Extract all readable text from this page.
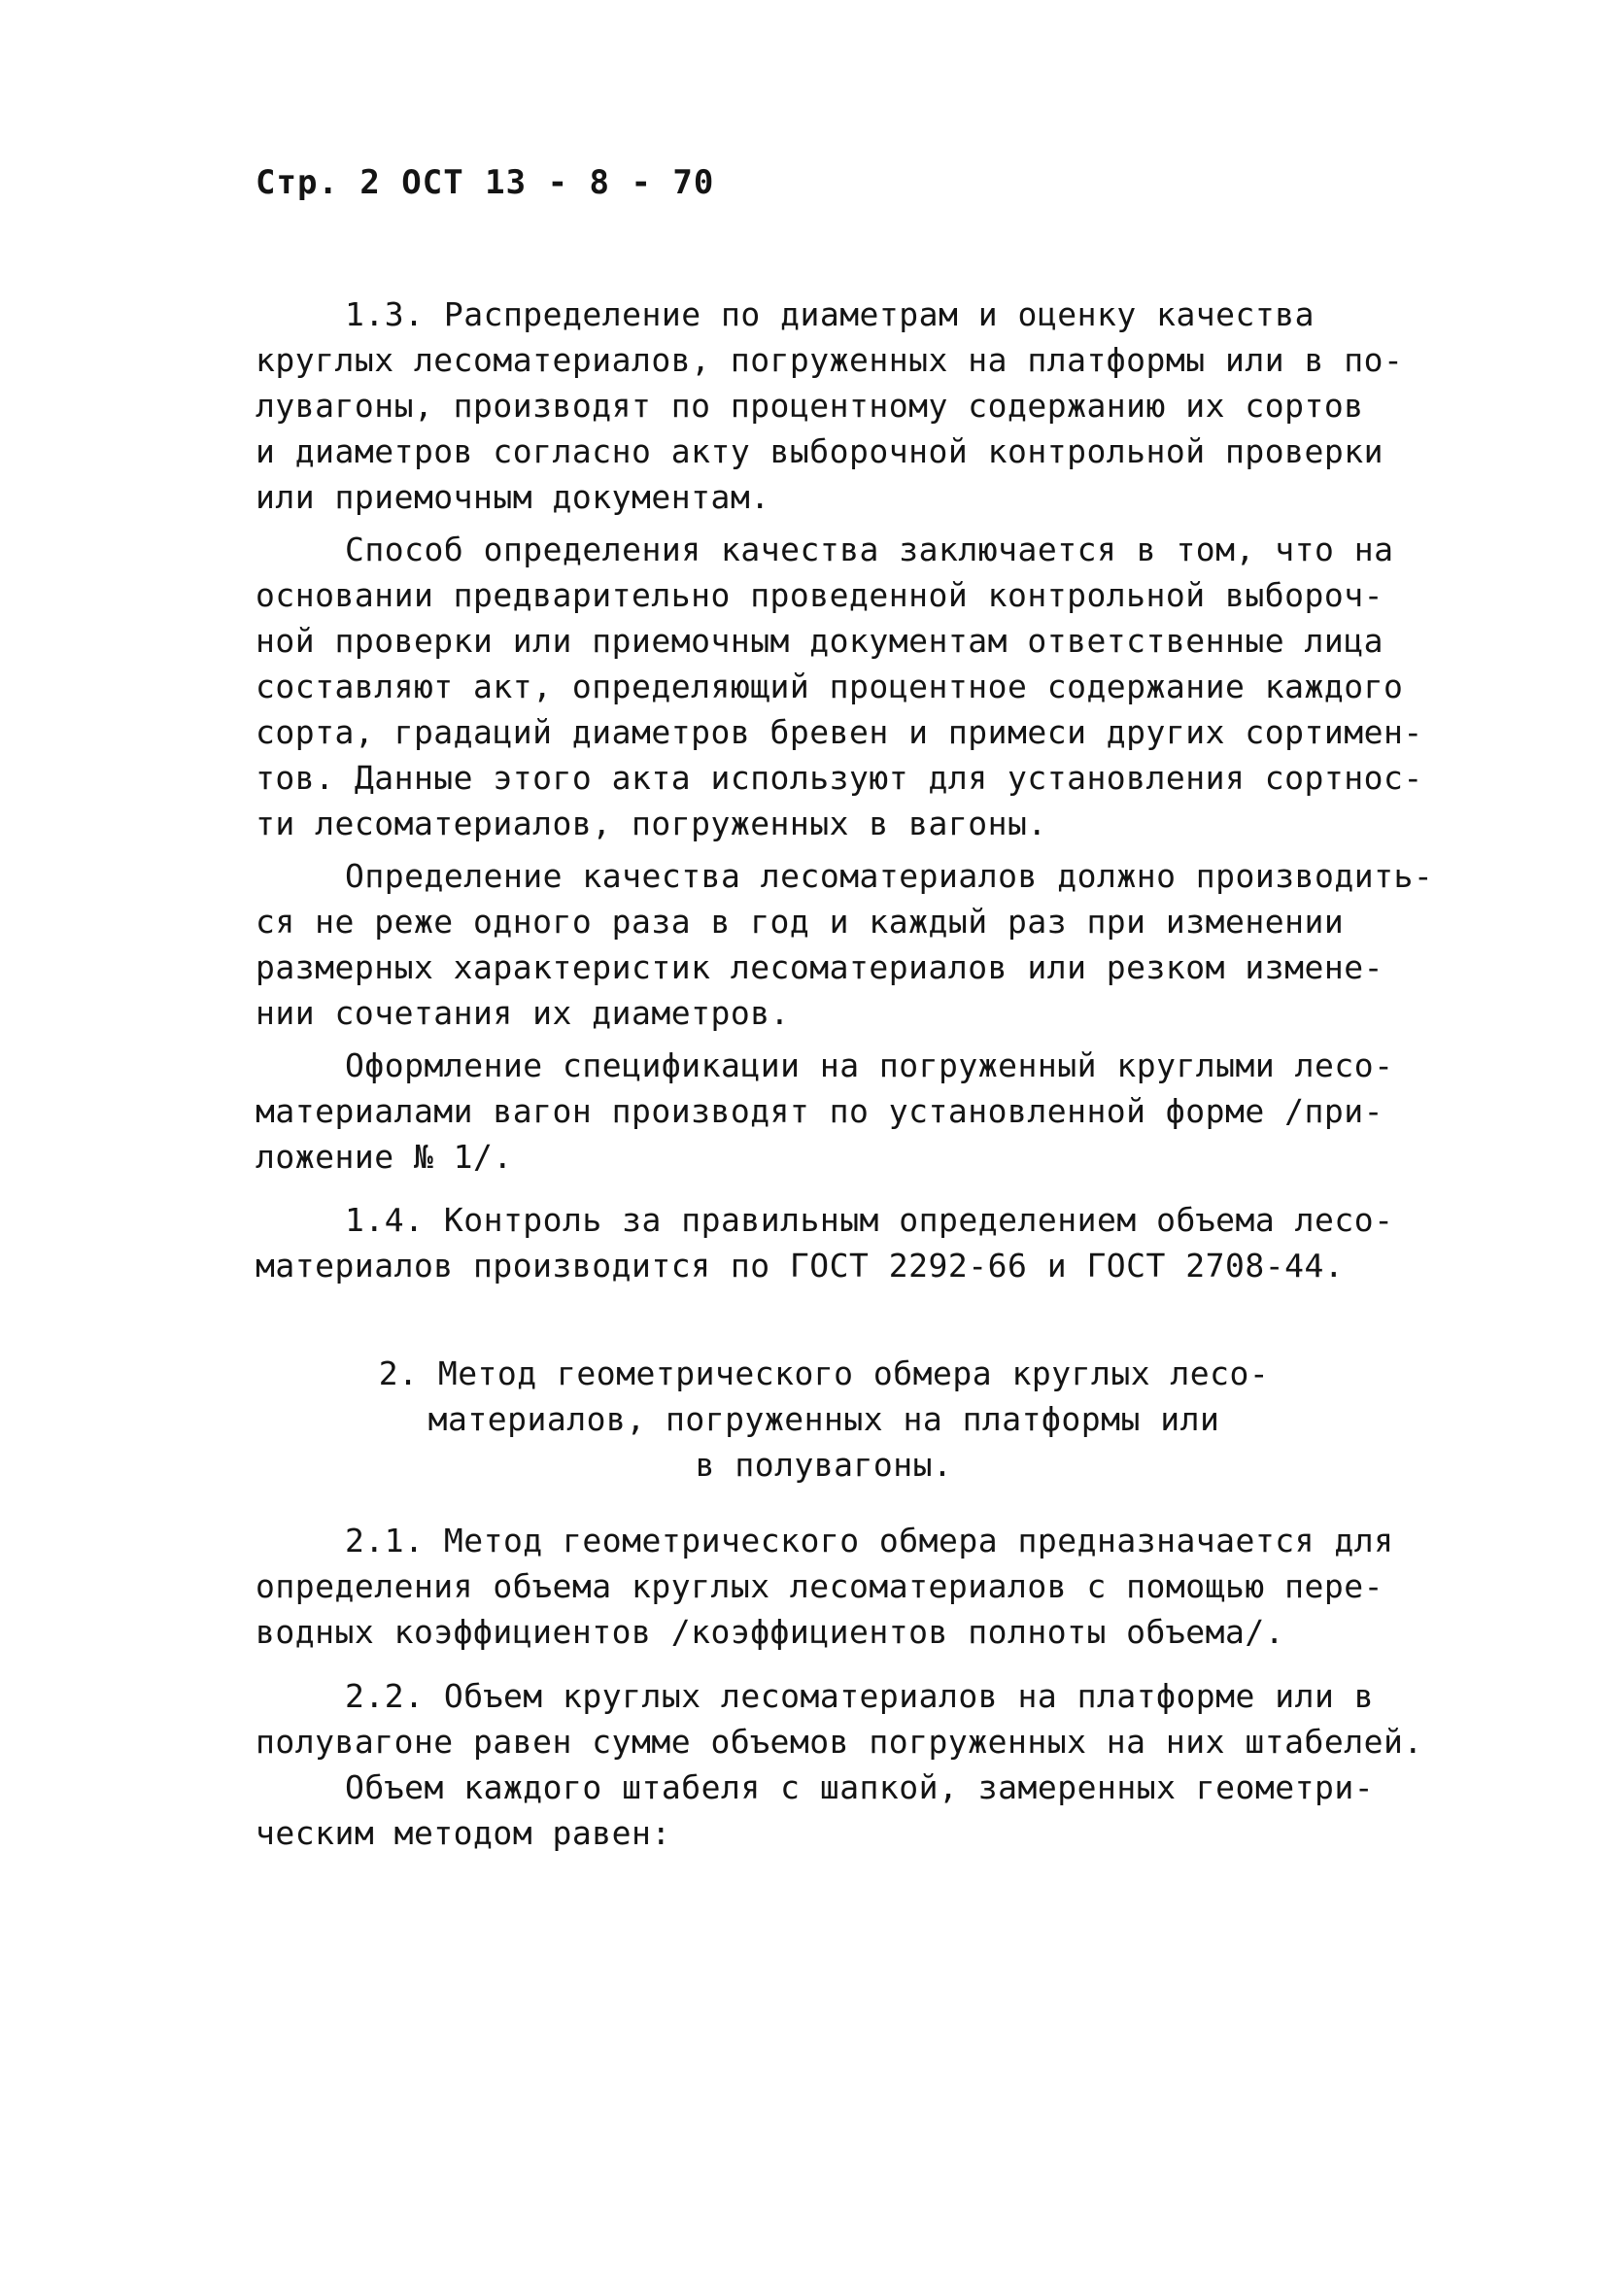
Стр. 2 ОСТ 13 - 8 - 70
1.3. Распределение по диаметрам и оценку качества
круглых лесоматериалов, погруженных на платформы или в по-
лувагоны, производят по процентному содержанию их сортов
и диаметров согласно акту выборочной контрольной проверки
или приемочным документам.
Способ определения качества заключается в том, что на
основании предварительно проведенной контрольной выбороч-
ной проверки или приемочным документам ответственные лица
составляют акт, определяющий процентное содержание каждого
сорта, градаций диаметров бревен и примеси других сортимен-
тов. Данные этого акта используют для установления сортнос-
ти лесоматериалов, погруженных в вагоны.
Определение качества лесоматериалов должно производить-
ся не реже одного раза в год и каждый раз при изменении
размерных характеристик лесоматериалов или резком измене-
нии сочетания их диаметров.
Оформление спецификации на погруженный круглыми лесо-
материалами вагон производят по установленной форме /при-
ложение № 1/.
1.4. Контроль за правильным определением объема лесо-
материалов производится по ГОСТ 2292-66 и ГОСТ 2708-44.
2. Метод геометрического обмера круглых лесо-
материалов, погруженных на платформы или
в полувагоны.
2.1. Метод геометрического обмера предназначается для
определения объема круглых лесоматериалов с помощью пере-
водных коэффициентов /коэффициентов полноты объема/.
2.2. Объем круглых лесоматериалов на платформе или в
полувагоне равен сумме объемов погруженных на них штабелей.
Объем каждого штабеля с шапкой, замеренных геометри-
ческим методом равен:
